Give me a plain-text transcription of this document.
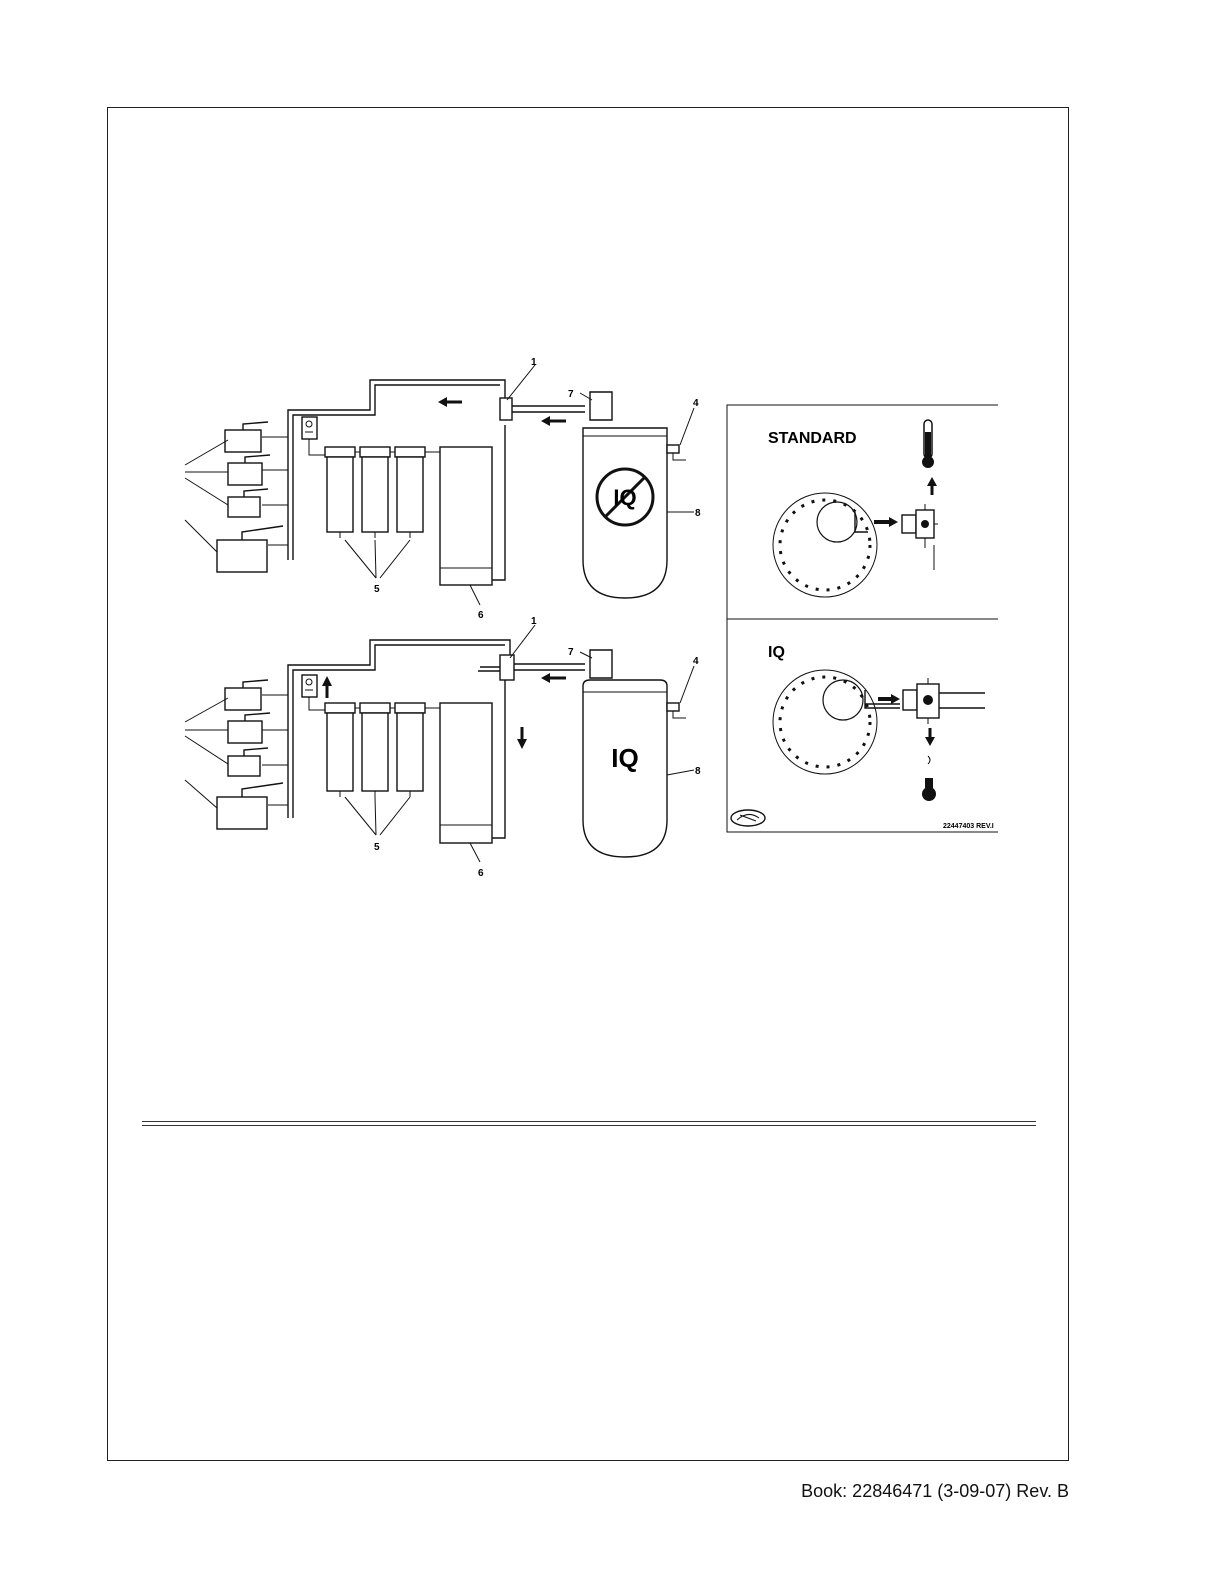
IQ
1
7
4
8
5
6
IQ
1
7
4
8
5
6
STANDARD
IQ
22447403 REV.I
Book: 22846471 (3-09-07) Rev. B
